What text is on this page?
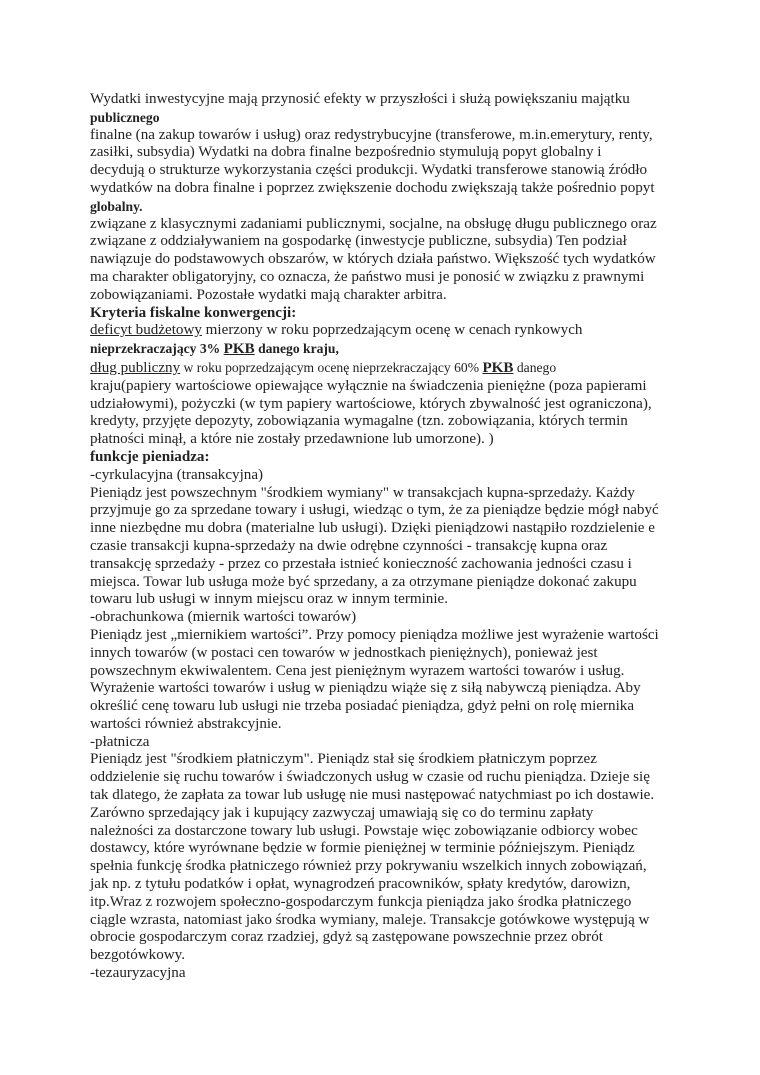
Wydatki inwestycyjne mają przynosić efekty w przyszłości i służą powiększaniu majątku
publicznego
finalne (na zakup towarów i usług) oraz redystrybucyjne (transferowe, m.in.emerytury, renty,
zasiłki, subsydia) Wydatki na dobra finalne bezpośrednio stymulują popyt globalny i
decydują o strukturze wykorzystania części produkcji. Wydatki transferowe stanowią źródło
wydatków na dobra finalne i poprzez zwiększenie dochodu zwiększają także pośrednio popyt
globalny.
związane z klasycznymi zadaniami publicznymi, socjalne, na obsługę długu publicznego oraz
związane z oddziaływaniem na gospodarkę (inwestycje publiczne, subsydia) Ten podział
nawiązuje do podstawowych obszarów, w których działa państwo. Większość tych wydatków
ma charakter obligatoryjny, co oznacza, że państwo musi je ponosić w związku z prawnymi
zobowiązaniami. Pozostałe wydatki mają charakter arbitra.
Kryteria fiskalne konwergencji:
deficyt budżetowy mierzony w roku poprzedzającym ocenę w cenach rynkowych
nieprzekraczający 3% PKB danego kraju,
dług publiczny w roku poprzedzającym ocenę nieprzekraczający 60% PKB danego
kraju(papiery wartościowe opiewające wyłącznie na świadczenia pieniężne (poza papierami
udziałowymi), pożyczki (w tym papiery wartościowe, których zbywalność jest ograniczona),
kredyty, przyjęte depozyty, zobowiązania wymagalne (tzn. zobowiązania, których termin
płatności minął, a które nie zostały przedawnione lub umorzone). )
funkcje pieniadza:
-cyrkulacyjna (transakcyjna)
Pieniądz jest powszechnym "środkiem wymiany" w transakcjach kupna-sprzedaży. Każdy
przyjmuje go za sprzedane towary i usługi, wiedząc o tym, że za pieniądze będzie mógł nabyć
inne niezbędne mu dobra (materialne lub usługi). Dzięki pieniądzowi nastąpiło rozdzielenie e
czasie transakcji kupna-sprzedaży na dwie odrębne czynności - transakcję kupna oraz
transakcję sprzedaży - przez co przestała istnieć konieczność zachowania jedności czasu i
miejsca. Towar lub usługa może być sprzedany, a za otrzymane pieniądze dokonać zakupu
towaru lub usługi w innym miejscu oraz w innym terminie.
-obrachunkowa (miernik wartości towarów)
Pieniądz jest „miernikiem wartości”. Przy pomocy pieniądza możliwe jest wyrażenie wartości
innych towarów (w postaci cen towarów w jednostkach pieniężnych), ponieważ jest
powszechnym ekwiwalentem. Cena jest pieniężnym wyrazem wartości towarów i usług.
Wyrażenie wartości towarów i usług w pieniądzu wiąże się z siłą nabywczą pieniądza. Aby
określić cenę towaru lub usługi nie trzeba posiadać pieniądza, gdyż pełni on rolę miernika
wartości również abstrakcyjnie.
-płatnicza
Pieniądz jest "środkiem płatniczym". Pieniądz stał się środkiem płatniczym poprzez
oddzielenie się ruchu towarów i świadczonych usług w czasie od ruchu pieniądza. Dzieje się
tak dlatego, że zapłata za towar lub usługę nie musi następować natychmiast po ich dostawie.
Zarówno sprzedający jak i kupujący zazwyczaj umawiają się co do terminu zapłaty
należności za dostarczone towary lub usługi. Powstaje więc zobowiązanie odbiorcy wobec
dostawcy, które wyrównane będzie w formie pieniężnej w terminie późniejszym. Pieniądz
spełnia funkcję środka płatniczego również przy pokrywaniu wszelkich innych zobowiązań,
jak np. z tytułu podatków i opłat, wynagrodzeń pracowników, spłaty kredytów, darowizn,
itp.Wraz z rozwojem społeczno-gospodarczym funkcja pieniądza jako środka płatniczego
ciągle wzrasta, natomiast jako środka wymiany, maleje. Transakcje gotówkowe występują w
obrocie gospodarczym coraz rzadziej, gdyż są zastępowane powszechnie przez obrót
bezgotówkowy.
-tezauryzacyjna
